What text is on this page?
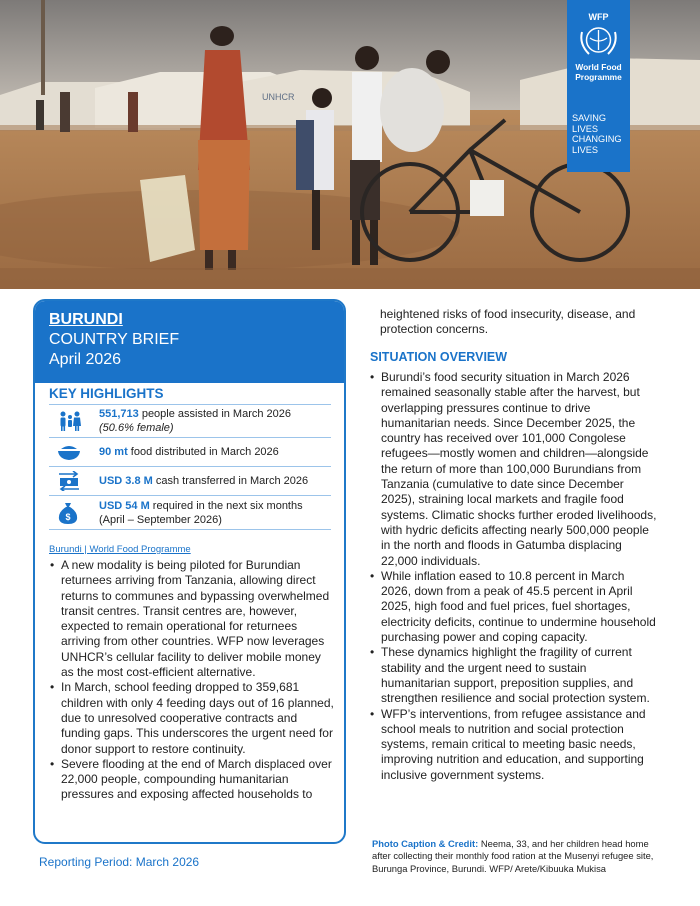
UNHCR
WFP
World Food
Programme
SAVING
LIVES
CHANGING
LIVES
BURUNDI
COUNTRY BRIEF
April 2026
KEY HIGHLIGHTS
551,713 people assisted in March 2026
(50.6% female)
90 mt food distributed in March 2026
USD 3.8 M cash transferred in March 2026
$
USD 54 M required in the next six months
(April – September 2026)
Burundi | World Food Programme
• A new modality is being piloted for Burundian returnees arriving from Tanzania, allowing direct returns to communes and bypassing overwhelmed transit centres. Transit centres are, however, expected to remain operational for returnees arriving from other countries. WFP now leverages UNHCR’s cellular facility to deliver mobile money as the most cost-efficient alternative.
• In March, school feeding dropped to 359,681 children with only 4 feeding days out of 16 planned, due to unresolved cooperative contracts and funding gaps. This underscores the urgent need for donor support to restore continuity.
• Severe flooding at the end of March displaced over 22,000 people, compounding humanitarian pressures and exposing affected households to
Reporting Period: March 2026
heightened risks of food insecurity, disease, and protection concerns.
SITUATION OVERVIEW
• Burundi’s food security situation in March 2026 remained seasonally stable after the harvest, but overlapping pressures continue to drive humanitarian needs. Since December 2025, the country has received over 101,000 Congolese refugees—mostly women and children—alongside the return of more than 100,000 Burundians from Tanzania (cumulative to date since December 2025), straining local markets and fragile food systems. Climatic shocks further eroded livelihoods, with hydric deficits affecting nearly 500,000 people in the north and floods in Gatumba displacing 22,000 individuals.
• While inflation eased to 10.8 percent in March 2026, down from a peak of 45.5 percent in April 2025, high food and fuel prices, fuel shortages, electricity deficits, continue to undermine household purchasing power and coping capacity.
• These dynamics highlight the fragility of current stability and the urgent need to sustain humanitarian support, preposition supplies, and strengthen resilience and social protection system.
• WFP’s interventions, from refugee assistance and school meals to nutrition and social protection systems, remain critical to meeting basic needs, improving nutrition and education, and supporting inclusive government systems.
Photo Caption & Credit: Neema, 33, and her children head home after collecting their monthly food ration at the Musenyi refugee site, Burunga Province, Burundi. WFP/ Arete/Kibuuka Mukisa
